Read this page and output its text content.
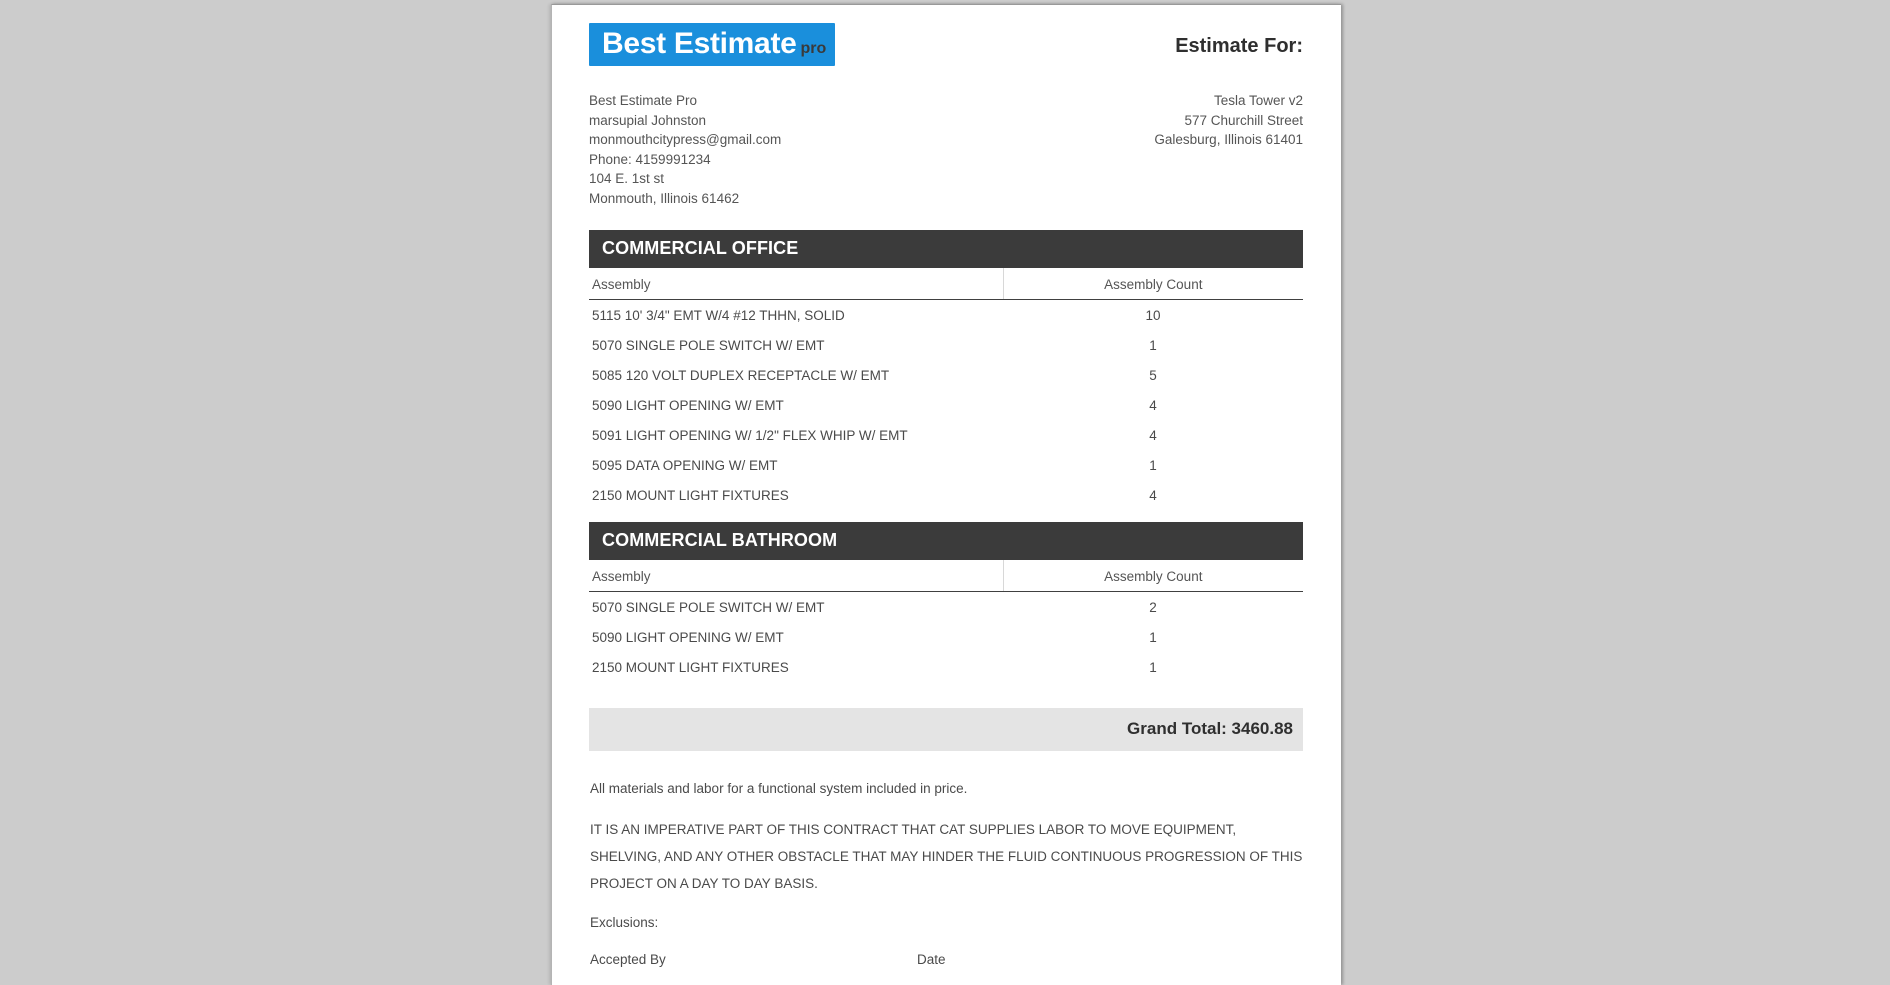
Best Estimate pro	Estimate For:
Best Estimate Pro
marsupial Johnston
monmouthcitypress@gmail.com
Phone: 4159991234
104 E. 1st st
Monmouth, Illinois 61462
Tesla Tower v2
577 Churchill Street
Galesburg, Illinois 61401
COMMERCIAL OFFICE
Assembly	Assembly Count
5115 10' 3/4" EMT W/4 #12 THHN, SOLID	10
5070 SINGLE POLE SWITCH W/ EMT	1
5085 120 VOLT DUPLEX RECEPTACLE W/ EMT	5
5090 LIGHT OPENING W/ EMT	4
5091 LIGHT OPENING W/ 1/2" FLEX WHIP W/ EMT	4
5095 DATA OPENING W/ EMT	1
2150 MOUNT LIGHT FIXTURES	4
COMMERCIAL BATHROOM
Assembly	Assembly Count
5070 SINGLE POLE SWITCH W/ EMT	2
5090 LIGHT OPENING W/ EMT	1
2150 MOUNT LIGHT FIXTURES	1
Grand Total: 3460.88

All materials and labor for a functional system included in price.

IT IS AN IMPERATIVE PART OF THIS CONTRACT THAT CAT SUPPLIES LABOR TO MOVE EQUIPMENT, SHELVING, AND ANY OTHER OBSTACLE THAT MAY HINDER THE FLUID CONTINUOUS PROGRESSION OF THIS PROJECT ON A DAY TO DAY BASIS.

Exclusions:

Accepted By	Date
